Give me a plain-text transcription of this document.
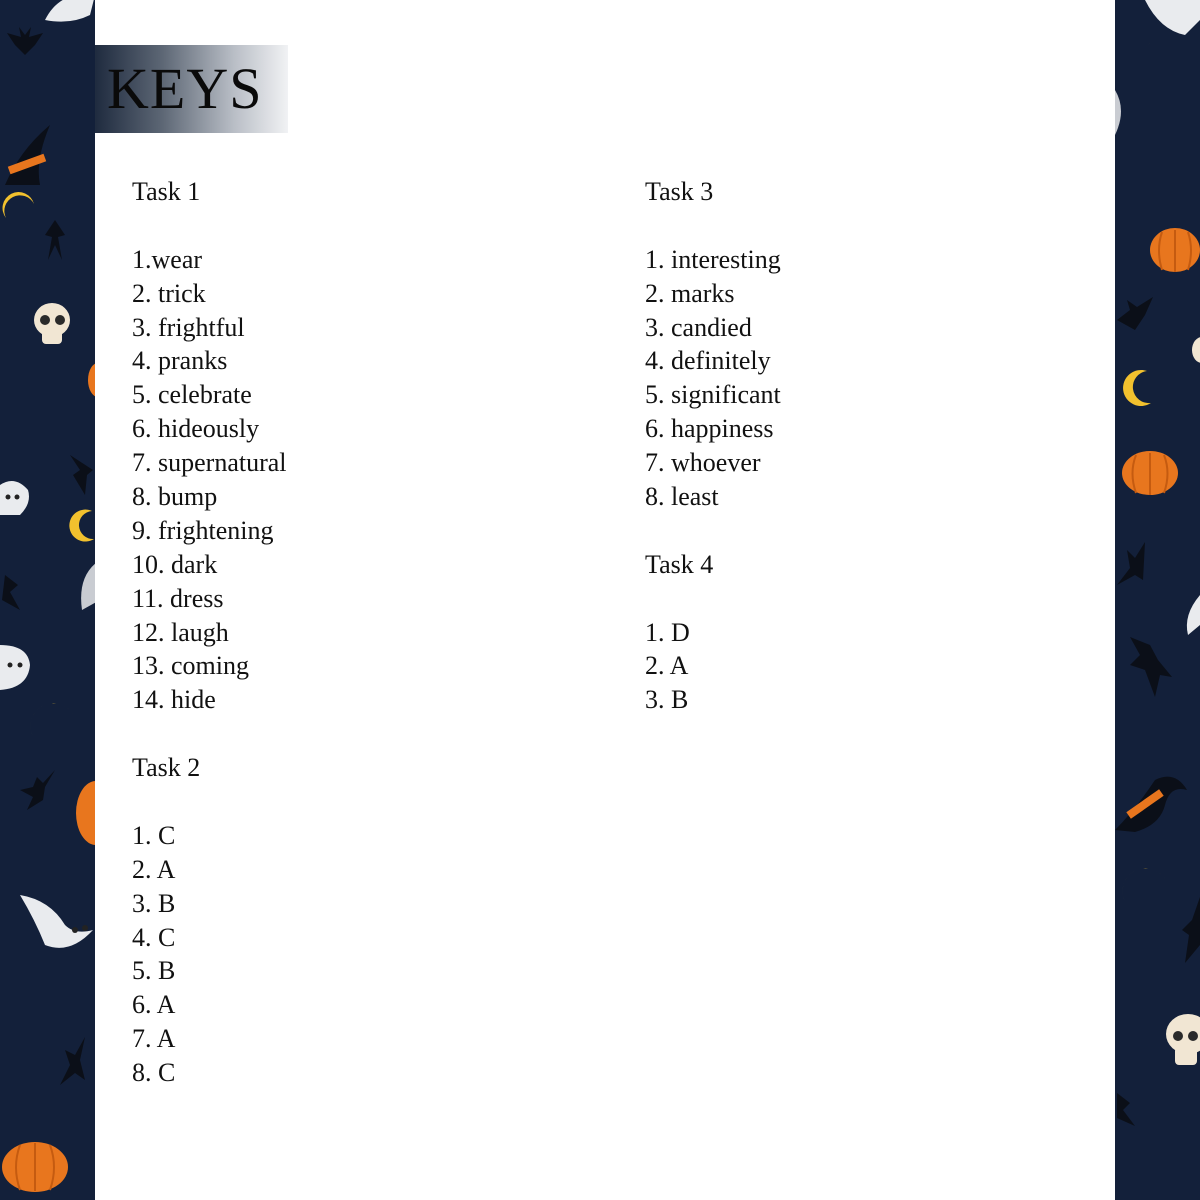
KEYS
Task 1
1.wear
2. trick
3. frightful
4. pranks
5. celebrate
6. hideously
7. supernatural
8. bump
9. frightening
10. dark
11. dress
12. laugh
13. coming
14. hide
Task 2
1. C
2. A
3. B
4. C
5. B
6. A
7. A
8. C
Task 3
1. interesting
2. marks
3. candied
4. definitely
5. significant
6. happiness
7. whoever
8. least
Task 4
1. D
2. A
3. B
